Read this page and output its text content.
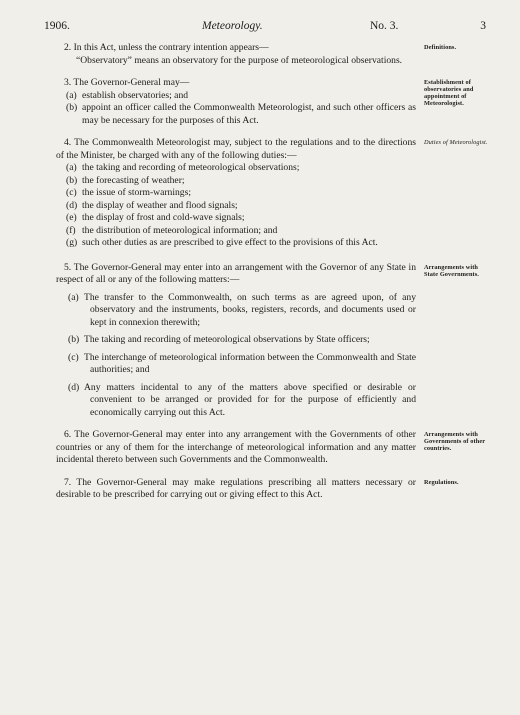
1906.	Meteorology.	No. 3.	3

2. In this Act, unless the contrary intention appears—

“Observatory” means an observatory for the purpose of meteorological observations.

Definitions.

3. The Governor-General may—

(a) establish observatories; and

(b) appoint an officer called the Commonwealth Meteorologist, and such other officers as may be necessary for the purposes of this Act.

Establishment of observatories and appointment of Meteorologist.

4. The Commonwealth Meteorologist may, subject to the regulations and to the directions of the Minister, be charged with any of the following duties:—

(a) the taking and recording of meteorological observations;

(b) the forecasting of weather;

(c) the issue of storm-warnings;

(d) the display of weather and flood signals;

(e) the display of frost and cold-wave signals;

(f) the distribution of meteorological information; and

(g) such other duties as are prescribed to give effect to the provisions of this Act.

Duties of Meteorologist.

5. The Governor-General may enter into an arrangement with the Governor of any State in respect of all or any of the following matters:—

(a) The transfer to the Commonwealth, on such terms as are agreed upon, of any observatory and the instruments, books, registers, records, and documents used or kept in connexion therewith;

(b) The taking and recording of meteorological observations by State officers;

(c) The interchange of meteorological information between the Commonwealth and State authorities; and

(d) Any matters incidental to any of the matters above specified or desirable or convenient to be arranged or provided for for the purpose of efficiently and economically carrying out this Act.

Arrangements with State Governments.

6. The Governor-General may enter into any arrangement with the Governments of other countries or any of them for the interchange of meteorological information and any matter incidental thereto between such Governments and the Commonwealth.

Arrangements with Governments of other countries.

7. The Governor-General may make regulations prescribing all matters necessary or desirable to be prescribed for carrying out or giving effect to this Act.

Regulations.
